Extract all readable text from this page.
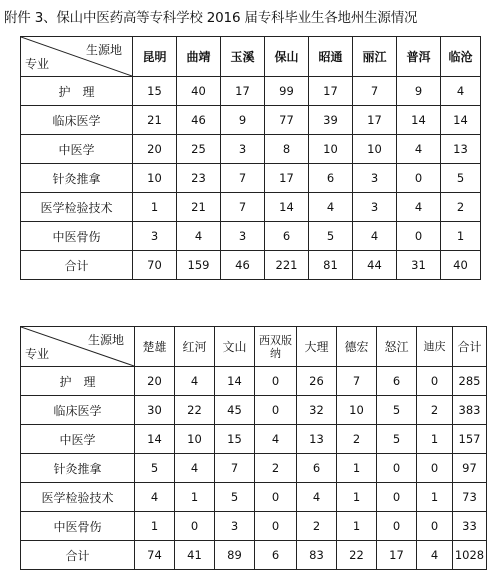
附件 3、保山中医药高等专科学校 2016 届专科毕业生各地州生源情况
生源地
专业	昆明	曲靖	玉溪	保山	昭通	丽江	普洱	临沧
护　理	15	40	17	99	17	7	9	4
临床医学	21	46	9	77	39	17	14	14
中医学	20	25	3	8	10	10	4	13
针灸推拿	10	23	7	17	6	3	0	5
医学检验技术	1	21	7	14	4	3	4	2
中医骨伤	3	4	3	6	5	4	0	1
合计	70	159	46	221	81	44	31	40
生源地
专业	楚雄	红河	文山	西双版纳	大理	德宏	怒江	迪庆	合计
护　理	20	4	14	0	26	7	6	0	285
临床医学	30	22	45	0	32	10	5	2	383
中医学	14	10	15	4	13	2	5	1	157
针灸推拿	5	4	7	2	6	1	0	0	97
医学检验技术	4	1	5	0	4	1	0	1	73
中医骨伤	1	0	3	0	2	1	0	0	33
合计	74	41	89	6	83	22	17	4	1028
